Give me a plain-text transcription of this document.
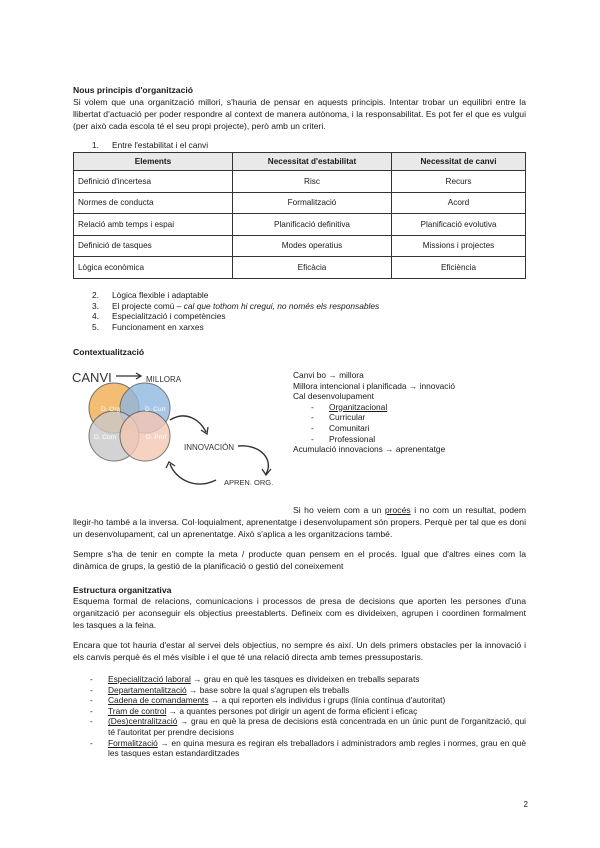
Nous principis d'organització
Si volem que una organització millori, s'hauria de pensar en aquests principis. Intentar trobar un equilibri entre la llibertat d'actuació per poder respondre al context de manera autònoma, i la responsabilitat. Es pot fer el que es vulgui (per això cada escola té el seu propi projecte), però amb un criteri.
1. Entre l'estabilitat i el canvi
Elements	Necessitat d'estabilitat	Necessitat de canvi
Definició d'incertesa	Risc	Recurs
Normes de conducta	Formalització	Acord
Relació amb temps i espai	Planificació definitiva	Planificació evolutiva
Definició de tasques	Modes operatius	Missions i projectes
Lògica econòmica	Eficàcia	Eficiència
2. Lògica flexible i adaptable
3. El projecte comú – cal que tothom hi cregui, no només els responsables
4. Especialització i competències
5. Funcionament en xarxes
Contextualització
CANVI	MILLORA
D. Org	D. Curr
D. Com	D. Prof
INNOVACIÓN
APREN. ORG.
Canvi bo → millora
Millora intencional i planificada → innovació
Cal desenvolupament
- Organitzacional
- Curricular
- Comunitari
- Professional
Acumulació innovacions → aprenentatge
Si ho veiem com a un procés i no com un resultat, podem llegir-ho també a la inversa. Col·loquialment, aprenentatge i desenvolupament són propers. Perquè per tal que es doni un desenvolupament, cal un aprenentatge. Això s'aplica a les organitzacions també.
Sempre s'ha de tenir en compte la meta / producte quan pensem en el procés. Igual que d'altres eines com la dinàmica de grups, la gestió de la planificació o gestió del coneixement
Estructura organitzativa
Esquema formal de relacions, comunicacions i processos de presa de decisions que aporten les persones d'una organització per aconseguir els objectius preestablerts. Defineix com es divideixen, agrupen i coordinen formalment les tasques a la feina.
Encara que tot hauria d'estar al servei dels objectius, no sempre és així. Un dels primers obstacles per la innovació i els canvis perquè és el més visible i el que té una relació directa amb temes pressupostaris.
-	Especialització laboral → grau en què les tasques es divideixen en treballs separats
-	Departamentalització → base sobre la qual s'agrupen els treballs
-	Cadena de comandaments → a qui reporten els individus i grups (línia contínua d'autoritat)
-	Tram de control → a quantes persones pot dirigir un agent de forma eficient i eficaç
-	(Des)centralització → grau en què la presa de decisions està concentrada en un únic punt de l'organització, qui té l'autoritat per prendre decisions
-	Formalització → en quina mesura es regiran els treballadors i administradors amb regles i normes, grau en què les tasques estan estandarditzades
2
